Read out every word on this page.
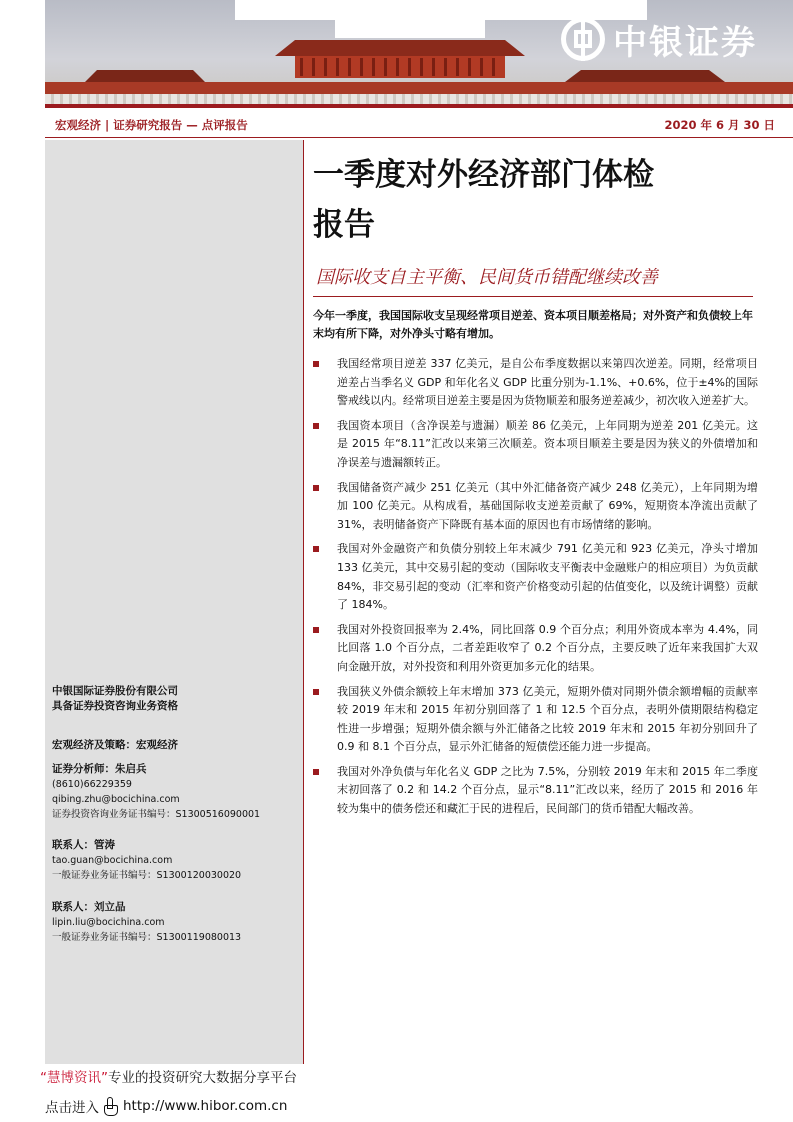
中银证券
宏观经济 | 证券研究报告 — 点评报告	2020 年 6 月 30 日
中银国际证券股份有限公司
具备证券投资咨询业务资格
宏观经济及策略：宏观经济
证券分析师：朱启兵
(8610)66229359
qibing.zhu@bocichina.com
证券投资咨询业务证书编号：S1300516090001
联系人：管涛
tao.guan@bocichina.com
一般证券业务证书编号：S1300120030020
联系人：刘立品
lipin.liu@bocichina.com
一般证券业务证书编号：S1300119080013
一季度对外经济部门体检
报告
国际收支自主平衡、民间货币错配继续改善
今年一季度，我国国际收支呈现经常项目逆差、资本项目顺差格局；对外资产和负债较上年末均有所下降，对外净头寸略有增加。
我国经常项目逆差 337 亿美元，是自公布季度数据以来第四次逆差。同期，经常项目逆差占当季名义 GDP 和年化名义 GDP 比重分别为-1.1%、+0.6%，位于±4%的国际警戒线以内。经常项目逆差主要是因为货物顺差和服务逆差减少，初次收入逆差扩大。
我国资本项目（含净误差与遗漏）顺差 86 亿美元，上年同期为逆差 201 亿美元。这是 2015 年“8.11”汇改以来第三次顺差。资本项目顺差主要是因为狭义的外债增加和净误差与遗漏额转正。
我国储备资产减少 251 亿美元（其中外汇储备资产减少 248 亿美元），上年同期为增加 100 亿美元。从构成看，基础国际收支逆差贡献了 69%，短期资本净流出贡献了 31%，表明储备资产下降既有基本面的原因也有市场情绪的影响。
我国对外金融资产和负债分别较上年末减少 791 亿美元和 923 亿美元，净头寸增加 133 亿美元，其中交易引起的变动（国际收支平衡表中金融账户的相应项目）为负贡献 84%，非交易引起的变动（汇率和资产价格变动引起的估值变化，以及统计调整）贡献了 184%。
我国对外投资回报率为 2.4%，同比回落 0.9 个百分点；利用外资成本率为 4.4%，同比回落 1.0 个百分点，二者差距收窄了 0.2 个百分点，主要反映了近年来我国扩大双向金融开放，对外投资和利用外资更加多元化的结果。
我国狭义外债余额较上年末增加 373 亿美元，短期外债对同期外债余额增幅的贡献率较 2019 年末和 2015 年初分别回落了 1 和 12.5 个百分点，表明外债期限结构稳定性进一步增强；短期外债余额与外汇储备之比较 2019 年末和 2015 年初分别回升了 0.9 和 8.1 个百分点，显示外汇储备的短债偿还能力进一步提高。
我国对外净负债与年化名义 GDP 之比为 7.5%，分别较 2019 年末和 2015 年二季度末初回落了 0.2 和 14.2 个百分点，显示“8.11”汇改以来，经历了 2015 和 2016 年较为集中的债务偿还和藏汇于民的进程后，民间部门的货币错配大幅改善。
“慧博资讯”专业的投资研究大数据分享平台
点击进入 http://www.hibor.com.cn
